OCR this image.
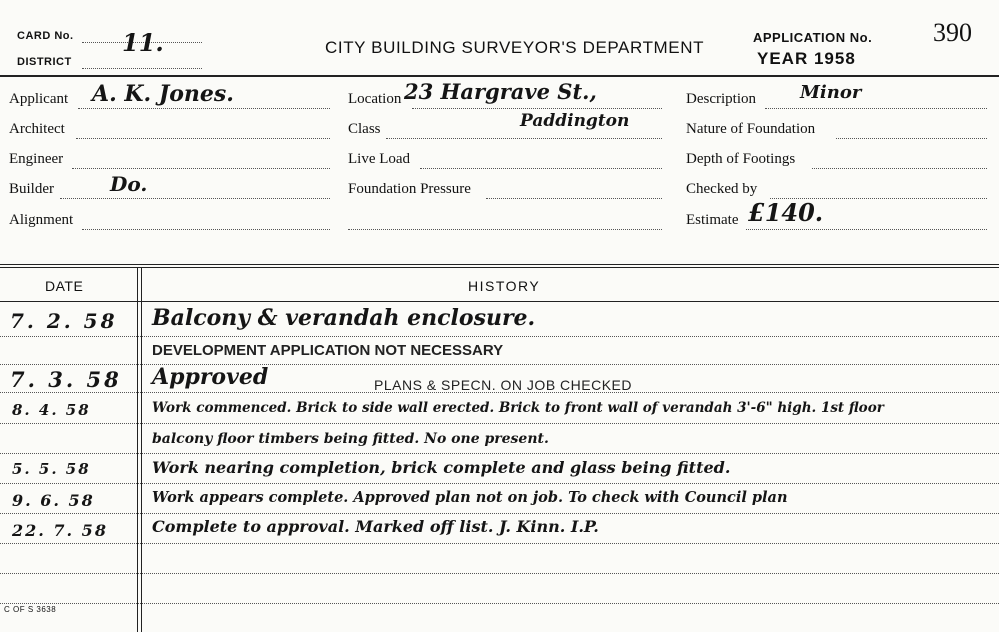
CARD No.
DISTRICT
11.	CITY BUILDING SURVEYOR'S DEPARTMENT
APPLICATION No. 390
YEAR 1958
Applicant A. K. Jones.
Architect
Engineer
Builder	Do.
Alignment
Location 23 Hargrave St.,
Paddington
Class
Live Load
Foundation Pressure
Description Minor
Nature of Foundation
Depth of Footings
Checked by
Estimate £140.
DATE	HISTORY
7. 2. 58 Balcony & verandah enclosure.
DEVELOPMENT APPLICATION NOT NECESSARY
7. 3. 58 Approved	PLANS & SPECN. ON JOB CHECKED
8. 4. 58	Work commenced. Brick to side wall erected. Brick to front wall of verandah 3'-6" high. 1st floor
balcony floor timbers being fitted. No one present.
5. 5. 58	Work nearing completion, brick complete and glass being fitted.
9. 6. 58	Work appears complete. Approved plan not on job. To check with Council plan
22. 7. 58	Complete to approval. Marked off list. J. Kinn. I.P.
C OF S 3638
